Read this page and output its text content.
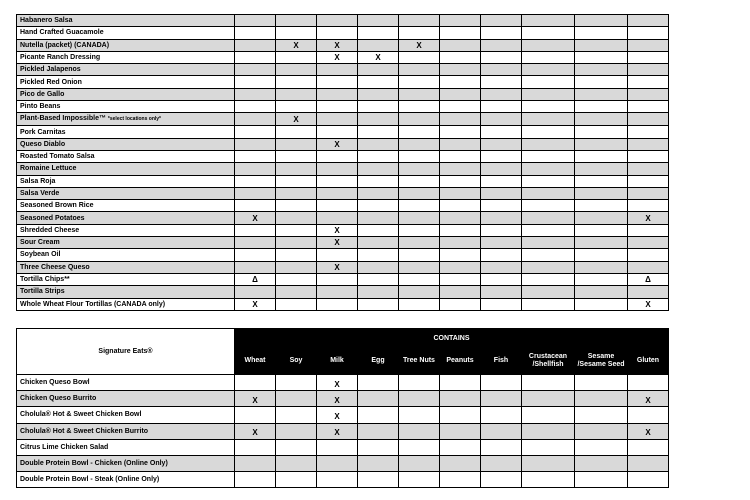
Habanero Salsa										
Hand Crafted Guacamole										
Nutella (packet) (CANADA)		X	X		X					
Picante Ranch Dressing			X	X						
Pickled Jalapenos										
Pickled Red Onion										
Pico de Gallo										
Pinto Beans										
Plant-Based Impossible™ *select locations only*		X								
Pork Carnitas										
Queso Diablo			X							
Roasted Tomato Salsa										
Romaine Lettuce										
Salsa Roja										
Salsa Verde										
Seasoned Brown Rice										
Seasoned Potatoes	X									X
Shredded Cheese			X							
Sour Cream			X							
Soybean Oil										
Three Cheese Queso			X							
Tortilla Chips**	Δ									Δ
Tortilla Strips										
Whole Wheat Flour Tortillas (CANADA only)	X									X
Signature Eats®	CONTAINS									
	Wheat	Soy	Milk	Egg	Tree Nuts	Peanuts	Fish	Crustacean /Shellfish	Sesame /Sesame Seed	Gluten
Chicken Queso Bowl			X							
Chicken Queso Burrito	X		X							X
Cholula® Hot & Sweet Chicken Bowl			X							
Cholula® Hot & Sweet Chicken Burrito	X		X							X
Citrus Lime Chicken Salad										
Double Protein Bowl - Chicken (Online Only)										
Double Protein Bowl - Steak (Online Only)										
